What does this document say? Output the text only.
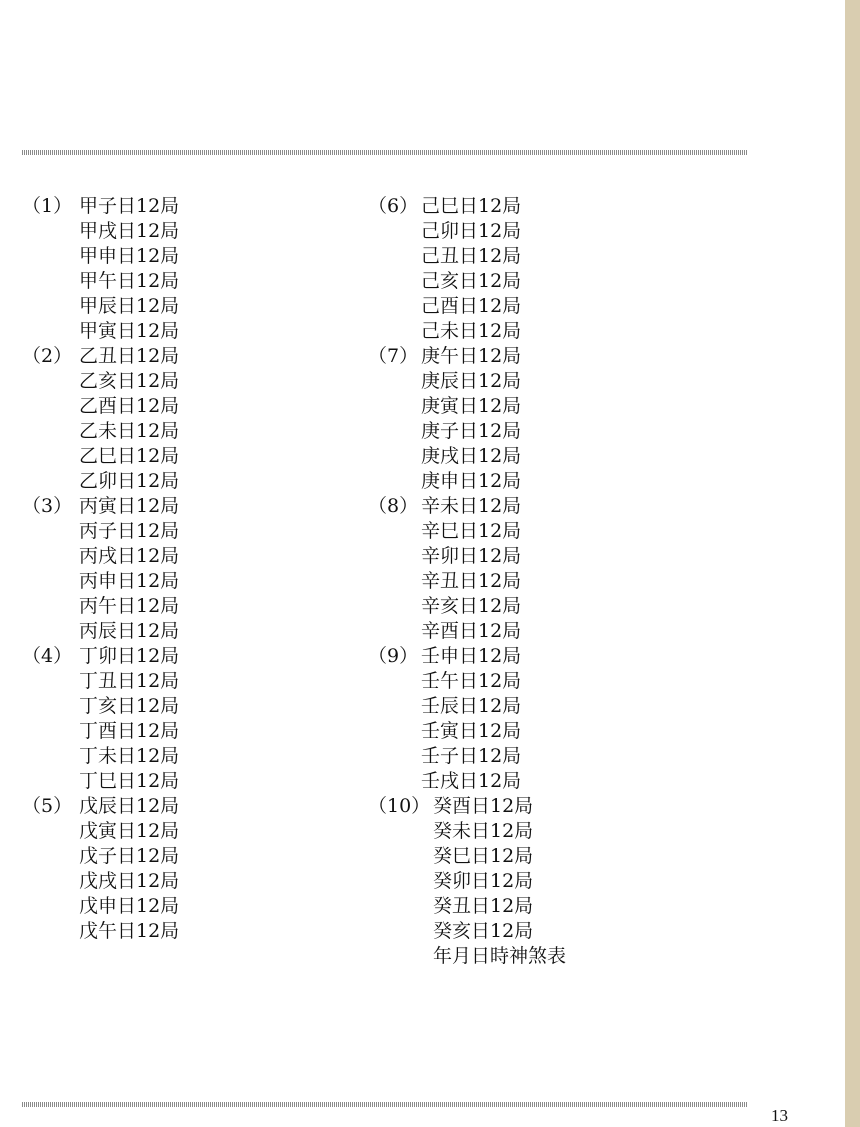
（1） 甲子日12局
甲戌日12局
甲申日12局
甲午日12局
甲辰日12局
甲寅日12局
（2） 乙丑日12局
乙亥日12局
乙酉日12局
乙未日12局
乙巳日12局
乙卯日12局
（3） 丙寅日12局
丙子日12局
丙戌日12局
丙申日12局
丙午日12局
丙辰日12局
（4） 丁卯日12局
丁丑日12局
丁亥日12局
丁酉日12局
丁未日12局
丁巳日12局
（5） 戊辰日12局
戊寅日12局
戊子日12局
戊戌日12局
戊申日12局
戊午日12局
（6） 己巳日12局
己卯日12局
己丑日12局
己亥日12局
己酉日12局
己未日12局
（7） 庚午日12局
庚辰日12局
庚寅日12局
庚子日12局
庚戌日12局
庚申日12局
（8） 辛未日12局
辛巳日12局
辛卯日12局
辛丑日12局
辛亥日12局
辛酉日12局
（9） 壬申日12局
壬午日12局
壬辰日12局
壬寅日12局
壬子日12局
壬戌日12局
（10） 癸酉日12局
癸未日12局
癸巳日12局
癸卯日12局
癸丑日12局
癸亥日12局
年月日時神煞表
13
